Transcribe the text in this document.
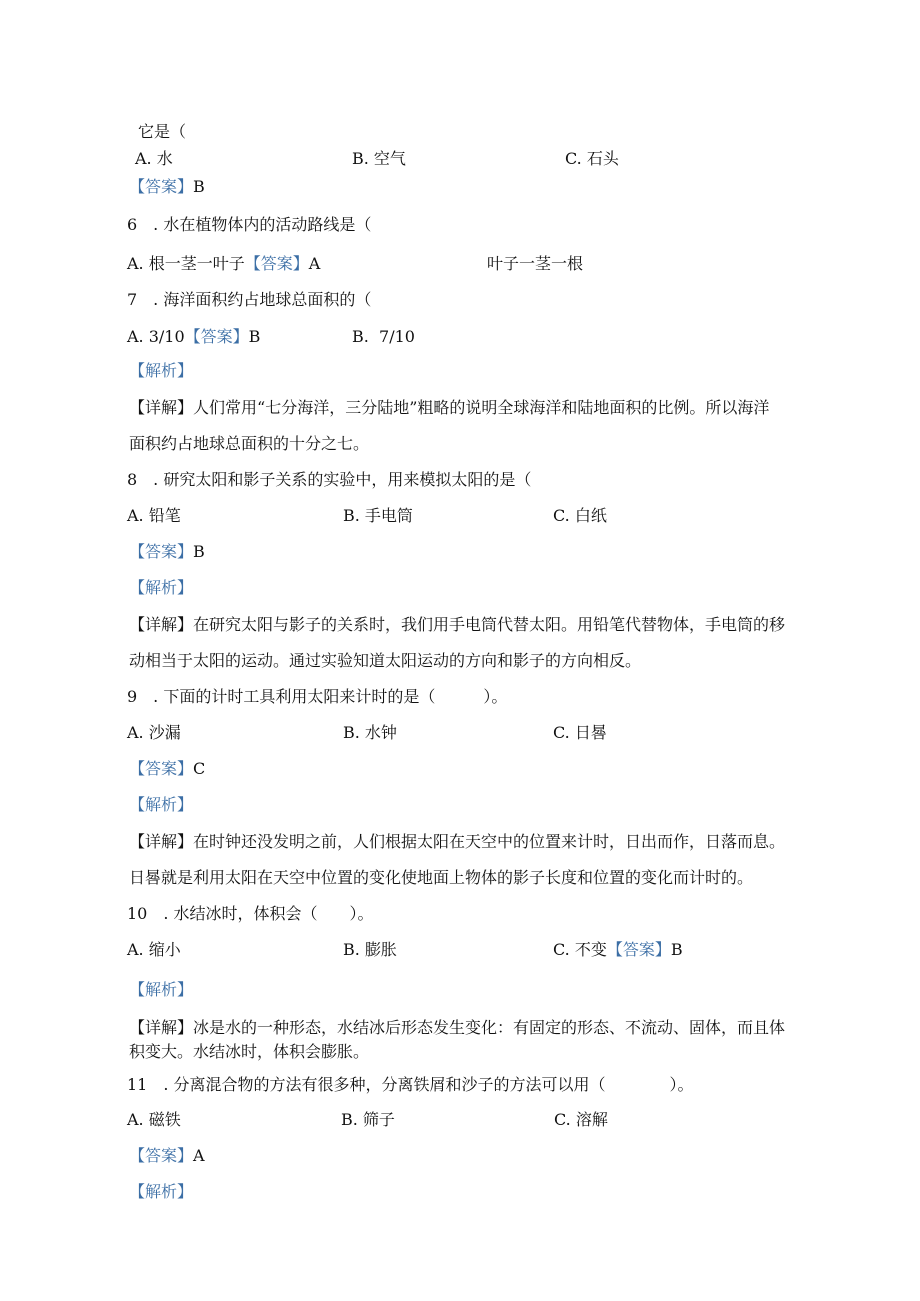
它是（
A. 水	B. 空气	C. 石头
【答案】B
6　. 水在植物体内的活动路线是（
A. 根一茎一叶子【答案】A	叶子一茎一根
7　. 海洋面积约占地球总面积的（
A. 3/10【答案】B	B.  7/10
【解析】
【详解】人们常用“七分海洋，三分陆地”粗略的说明全球海洋和陆地面积的比例。所以海洋
面积约占地球总面积的十分之七。
8　. 研究太阳和影子关系的实验中，用来模拟太阳的是（
A. 铅笔	B. 手电筒	C. 白纸
【答案】B
【解析】
【详解】在研究太阳与影子的关系时，我们用手电筒代替太阳。用铅笔代替物体，手电筒的移
动相当于太阳的运动。通过实验知道太阳运动的方向和影子的方向相反。
9　. 下面的计时工具利用太阳来计时的是（　　　）。
A. 沙漏	B. 水钟	C. 日晷
【答案】C
【解析】
【详解】在时钟还没发明之前，人们根据太阳在天空中的位置来计时，日出而作，日落而息。
日晷就是利用太阳在天空中位置的变化使地面上物体的影子长度和位置的变化而计时的。
10　. 水结冰时，体积会（　　）。
A. 缩小	B. 膨胀	C. 不变【答案】B
【解析】
【详解】冰是水的一种形态，水结冰后形态发生变化：有固定的形态、不流动、固体，而且体
积变大。水结冰时，体积会膨胀。
11　. 分离混合物的方法有很多种，分离铁屑和沙子的方法可以用（　　　　）。
A. 磁铁	B. 筛子	C. 溶解
【答案】A
【解析】
